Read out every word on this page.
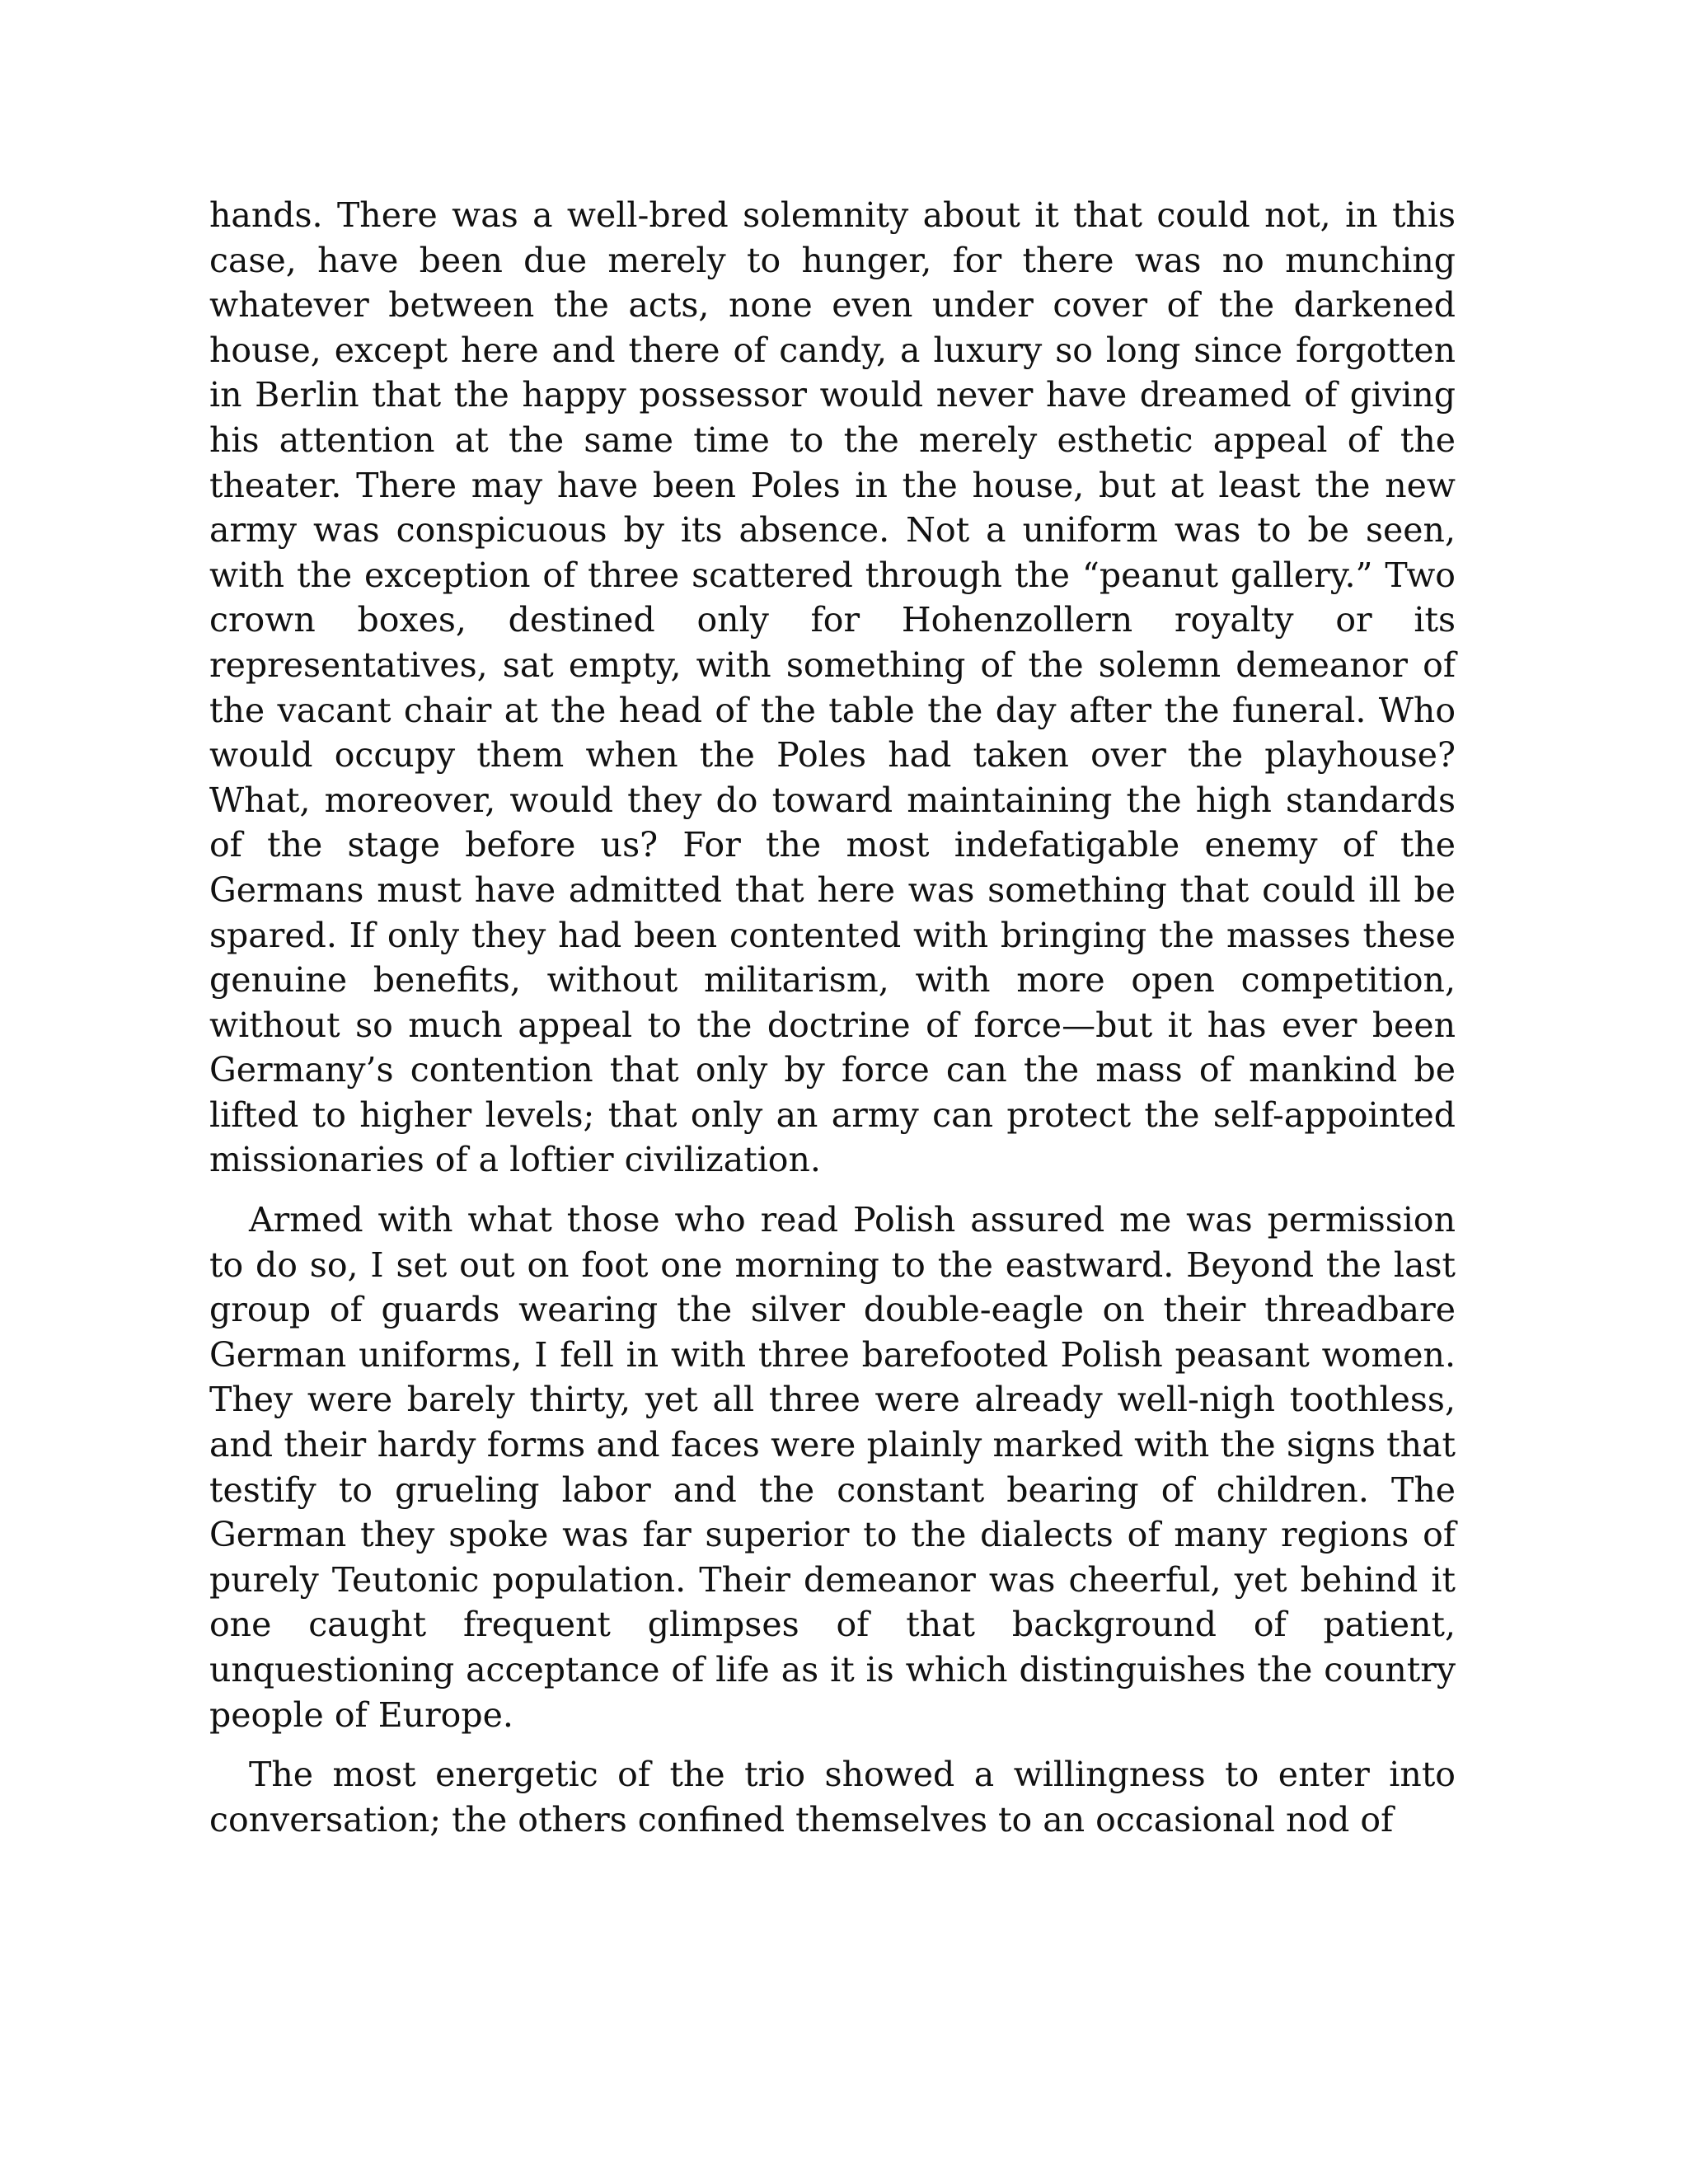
hands. There was a well-bred solemnity about it that could not, in this case, have been due merely to hunger, for there was no munching whatever between the acts, none even under cover of the darkened house, except here and there of candy, a luxury so long since forgotten in Berlin that the happy possessor would never have dreamed of giving his attention at the same time to the merely esthetic appeal of the theater. There may have been Poles in the house, but at least the new army was conspicuous by its absence. Not a uniform was to be seen, with the exception of three scattered through the “peanut gallery.” Two crown boxes, destined only for Hohenzollern royalty or its representatives, sat empty, with something of the solemn demeanor of the vacant chair at the head of the table the day after the funeral. Who would occupy them when the Poles had taken over the playhouse? What, moreover, would they do toward maintaining the high standards of the stage before us? For the most indefatigable enemy of the Germans must have admitted that here was something that could ill be spared. If only they had been contented with bringing the masses these genuine benefits, without militarism, with more open competition, without so much appeal to the doctrine of force—but it has ever been Germany’s contention that only by force can the mass of mankind be lifted to higher levels; that only an army can protect the self-appointed missionaries of a loftier civilization.

Armed with what those who read Polish assured me was permission to do so, I set out on foot one morning to the eastward. Beyond the last group of guards wearing the silver double-eagle on their threadbare German uniforms, I fell in with three barefooted Polish peasant women. They were barely thirty, yet all three were already well-nigh toothless, and their hardy forms and faces were plainly marked with the signs that testify to grueling labor and the constant bearing of children. The German they spoke was far superior to the dialects of many regions of purely Teutonic population. Their demeanor was cheerful, yet behind it one caught frequent glimpses of that background of patient, unquestioning acceptance of life as it is which distinguishes the country people of Europe.

The most energetic of the trio showed a willingness to enter into conversation; the others confined themselves to an occasional nod of
